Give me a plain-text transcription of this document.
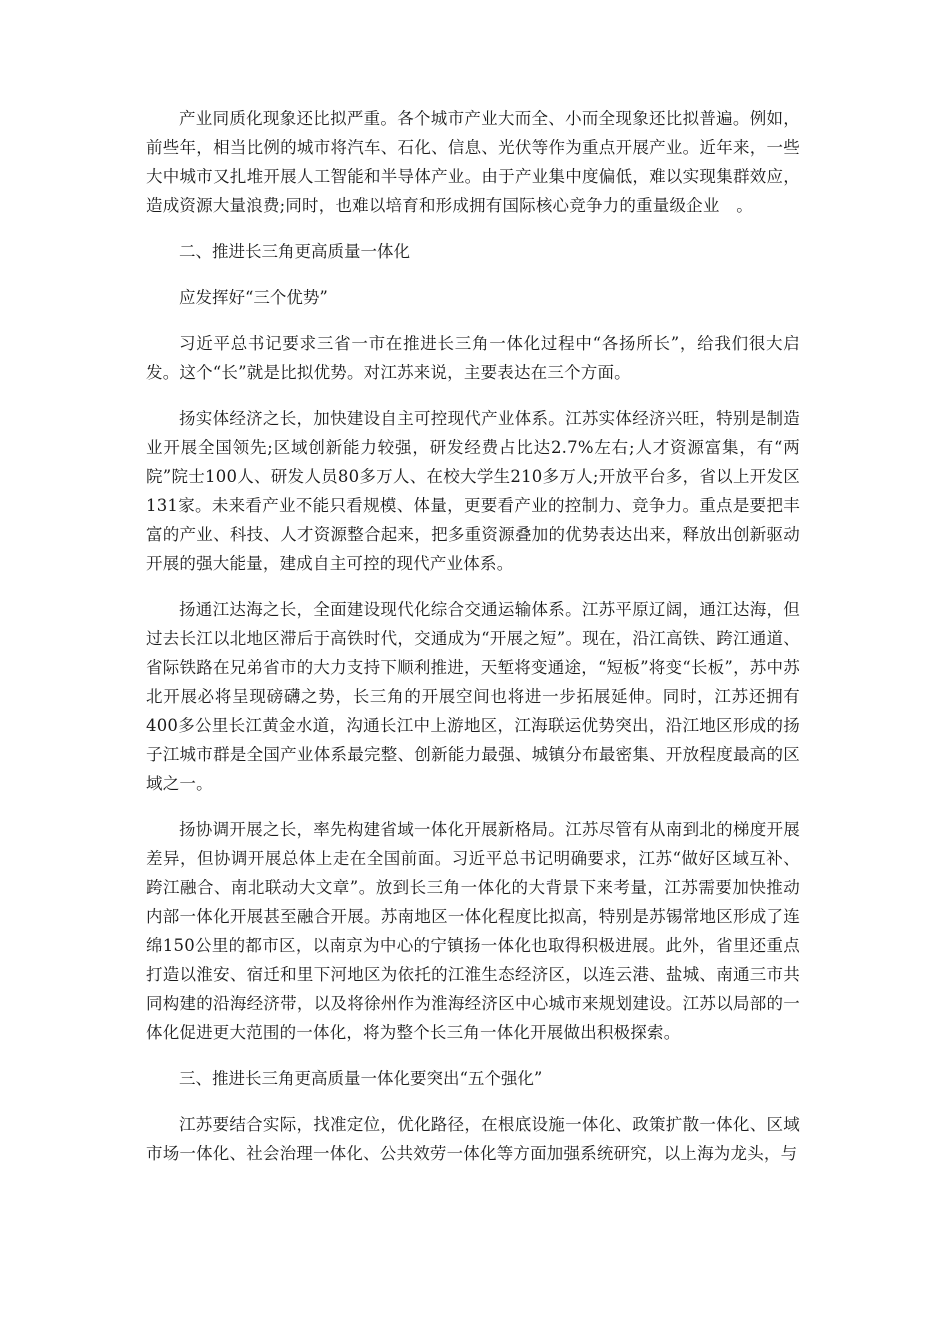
产业同质化现象还比拟严重。各个城市产业大而全、小而全现象还比拟普遍。例如，前些年，相当比例的城市将汽车、石化、信息、光伏等作为重点开展产业。近年来，一些大中城市又扎堆开展人工智能和半导体产业。由于产业集中度偏低，难以实现集群效应，造成资源大量浪费;同时，也难以培育和形成拥有国际核心竞争力的重量级企业　。

二、推进长三角更高质量一体化

应发挥好“三个优势”

习近平总书记要求三省一市在推进长三角一体化过程中“各扬所长”，给我们很大启发。这个“长”就是比拟优势。对江苏来说，主要表达在三个方面。

扬实体经济之长，加快建设自主可控现代产业体系。江苏实体经济兴旺，特别是制造业开展全国领先;区域创新能力较强，研发经费占比达2.7%左右;人才资源富集，有“两院”院士100人、研发人员80多万人、在校大学生210多万人;开放平台多，省以上开发区131家。未来看产业不能只看规模、体量，更要看产业的控制力、竞争力。重点是要把丰富的产业、科技、人才资源整合起来，把多重资源叠加的优势表达出来，释放出创新驱动开展的强大能量，建成自主可控的现代产业体系。

扬通江达海之长，全面建设现代化综合交通运输体系。江苏平原辽阔，通江达海，但过去长江以北地区滞后于高铁时代，交通成为“开展之短”。现在，沿江高铁、跨江通道、省际铁路在兄弟省市的大力支持下顺利推进，天堑将变通途，“短板”将变“长板”，苏中苏北开展必将呈现磅礴之势，长三角的开展空间也将进一步拓展延伸。同时，江苏还拥有400多公里长江黄金水道，沟通长江中上游地区，江海联运优势突出，沿江地区形成的扬子江城市群是全国产业体系最完整、创新能力最强、城镇分布最密集、开放程度最高的区域之一。

扬协调开展之长，率先构建省域一体化开展新格局。江苏尽管有从南到北的梯度开展差异，但协调开展总体上走在全国前面。习近平总书记明确要求，江苏“做好区域互补、跨江融合、南北联动大文章”。放到长三角一体化的大背景下来考量，江苏需要加快推动内部一体化开展甚至融合开展。苏南地区一体化程度比拟高，特别是苏锡常地区形成了连绵150公里的都市区，以南京为中心的宁镇扬一体化也取得积极进展。此外，省里还重点打造以淮安、宿迁和里下河地区为依托的江淮生态经济区，以连云港、盐城、南通三市共同构建的沿海经济带，以及将徐州作为淮海经济区中心城市来规划建设。江苏以局部的一体化促进更大范围的一体化，将为整个长三角一体化开展做出积极探索。

三、推进长三角更高质量一体化要突出“五个强化”

江苏要结合实际，找准定位，优化路径，在根底设施一体化、政策扩散一体化、区域市场一体化、社会治理一体化、公共效劳一体化等方面加强系统研究，以上海为龙头，与
